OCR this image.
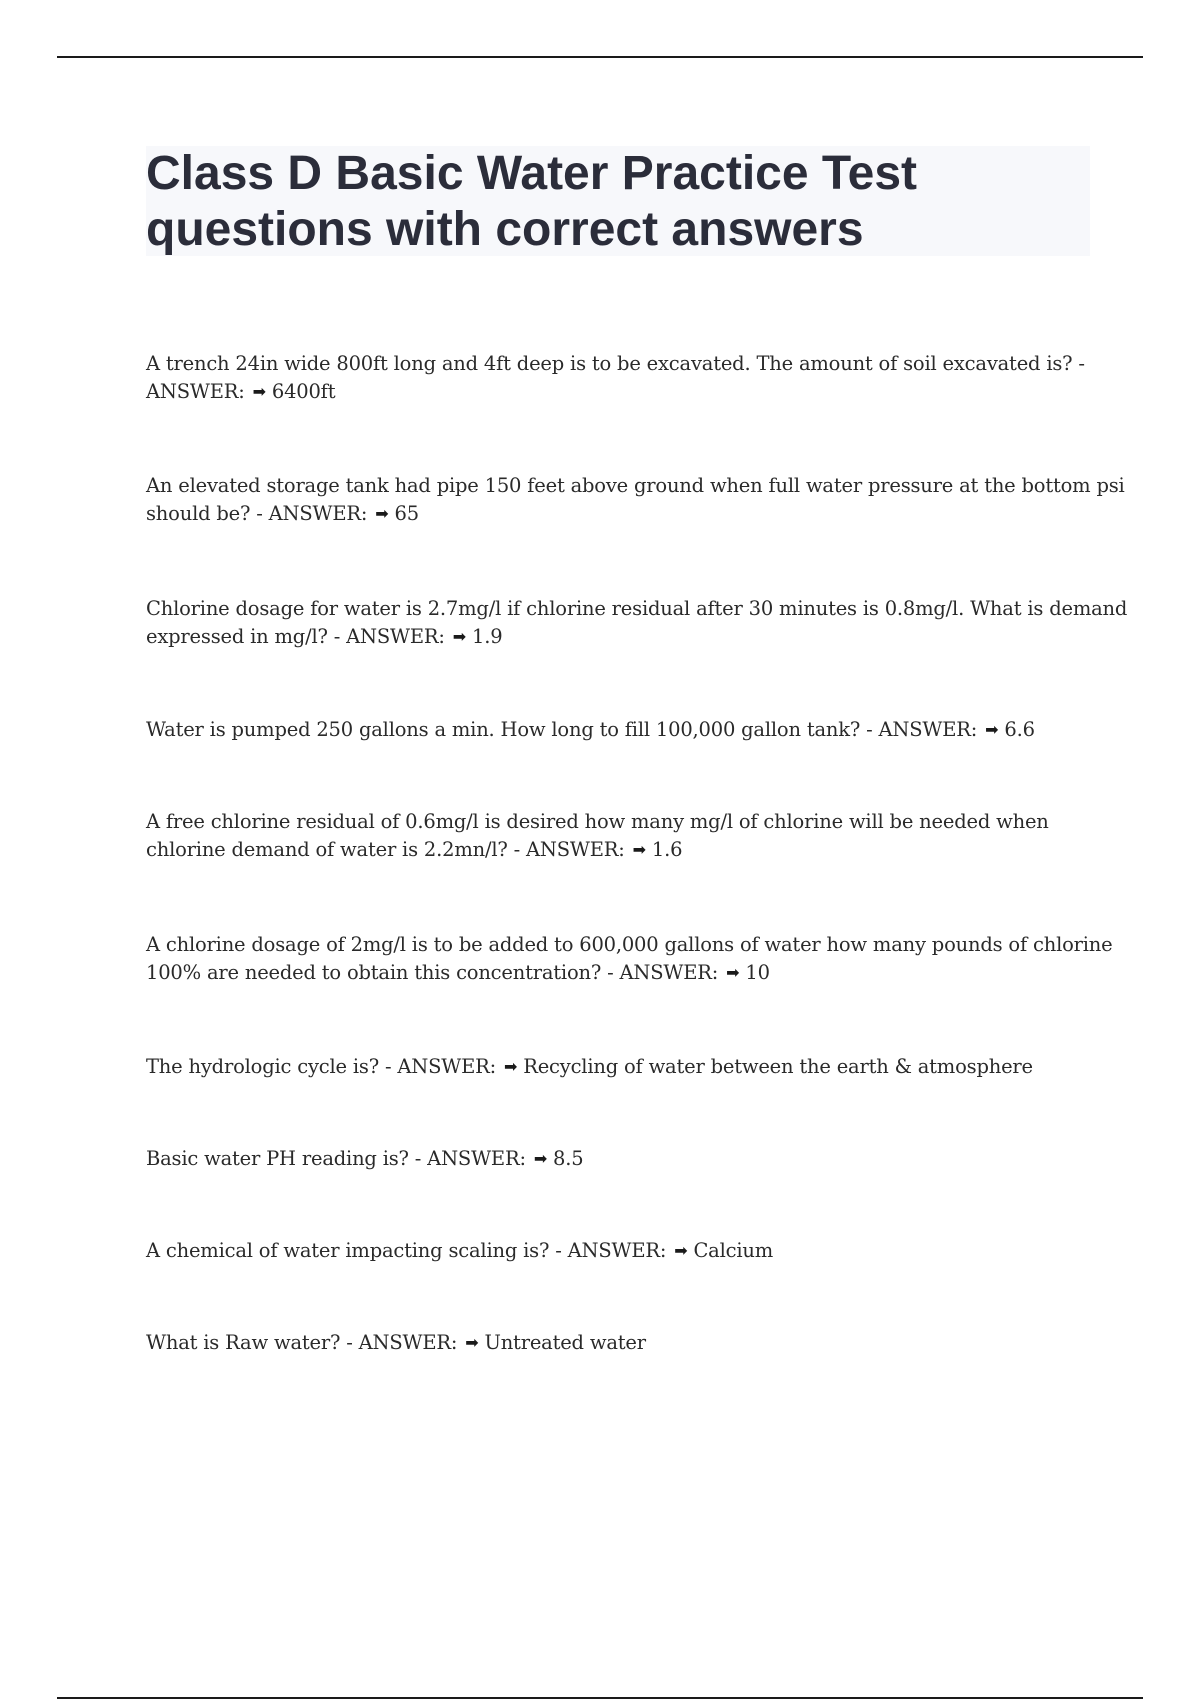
Class D Basic Water Practice Test
questions with correct answers
A trench 24in wide 800ft long and 4ft deep is to be excavated. The amount of soil excavated is? -
ANSWER: ➡ 6400ft
An elevated storage tank had pipe 150 feet above ground when full water pressure at the bottom psi
should be? - ANSWER: ➡ 65
Chlorine dosage for water is 2.7mg/l if chlorine residual after 30 minutes is 0.8mg/l. What is demand
expressed in mg/l? - ANSWER: ➡ 1.9
Water is pumped 250 gallons a min. How long to fill 100,000 gallon tank? - ANSWER: ➡ 6.6
A free chlorine residual of 0.6mg/l is desired how many mg/l of chlorine will be needed when
chlorine demand of water is 2.2mn/l? - ANSWER: ➡ 1.6
A chlorine dosage of 2mg/l is to be added to 600,000 gallons of water how many pounds of chlorine
100% are needed to obtain this concentration? - ANSWER: ➡ 10
The hydrologic cycle is? - ANSWER: ➡ Recycling of water between the earth & atmosphere
Basic water PH reading is? - ANSWER: ➡ 8.5
A chemical of water impacting scaling is? - ANSWER: ➡ Calcium
What is Raw water? - ANSWER: ➡ Untreated water
